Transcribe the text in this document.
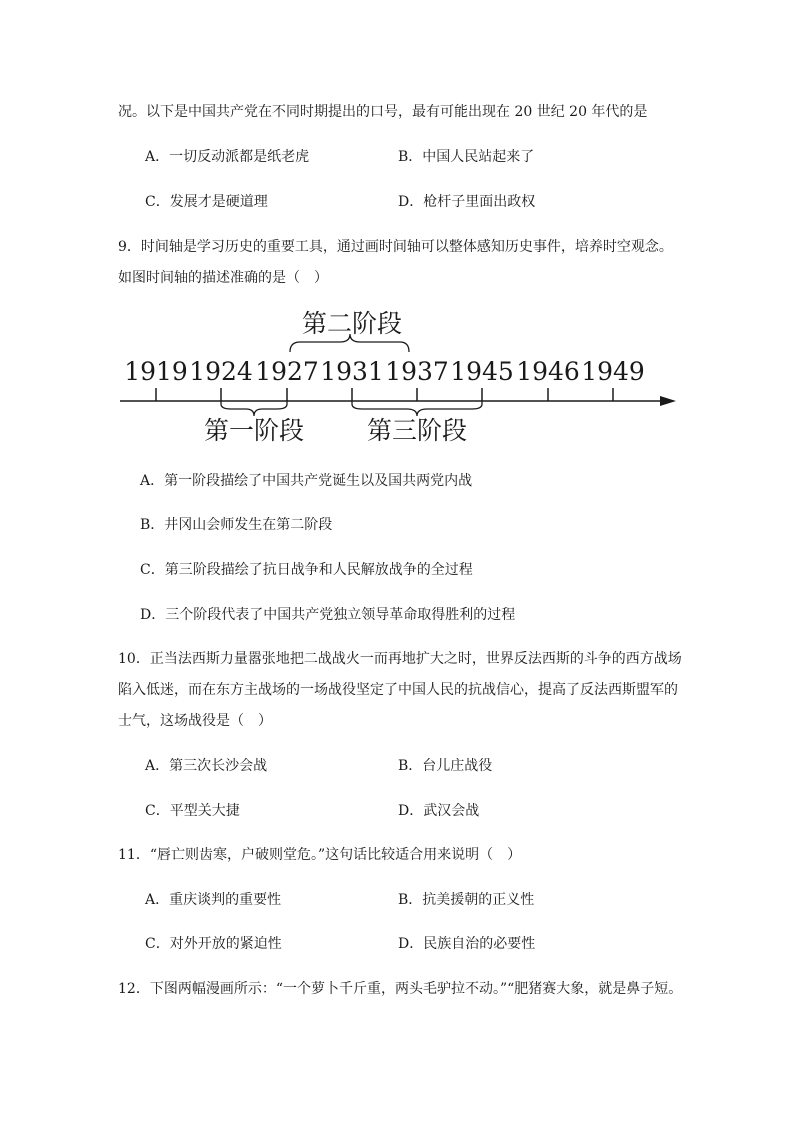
况。以下是中国共产党在不同时期提出的口号，最有可能出现在 20 世纪 20 年代的是
A．一切反动派都是纸老虎	B．中国人民站起来了
C．发展才是硬道理	D．枪杆子里面出政权
9．时间轴是学习历史的重要工具，通过画时间轴可以整体感知历史事件，培养时空观念。
如图时间轴的描述准确的是（　）
第二阶段
1919 1924 1927 1931 1937 1945 1946 1949
第一阶段	第三阶段
A．第一阶段描绘了中国共产党诞生以及国共两党内战
B．井冈山会师发生在第二阶段
C．第三阶段描绘了抗日战争和人民解放战争的全过程
D．三个阶段代表了中国共产党独立领导革命取得胜利的过程
10．正当法西斯力量嚣张地把二战战火一而再地扩大之时，世界反法西斯的斗争的西方战场
陷入低迷，而在东方主战场的一场战役坚定了中国人民的抗战信心，提高了反法西斯盟军的
士气，这场战役是（　）
A．第三次长沙会战	B．台儿庄战役
C．平型关大捷	D．武汉会战
11．“唇亡则齿寒，户破则堂危。”这句话比较适合用来说明（　）
A．重庆谈判的重要性	B．抗美援朝的正义性
C．对外开放的紧迫性	D．民族自治的必要性
12．下图两幅漫画所示：“一个萝卜千斤重，两头毛驴拉不动。”“肥猪赛大象，就是鼻子短。
